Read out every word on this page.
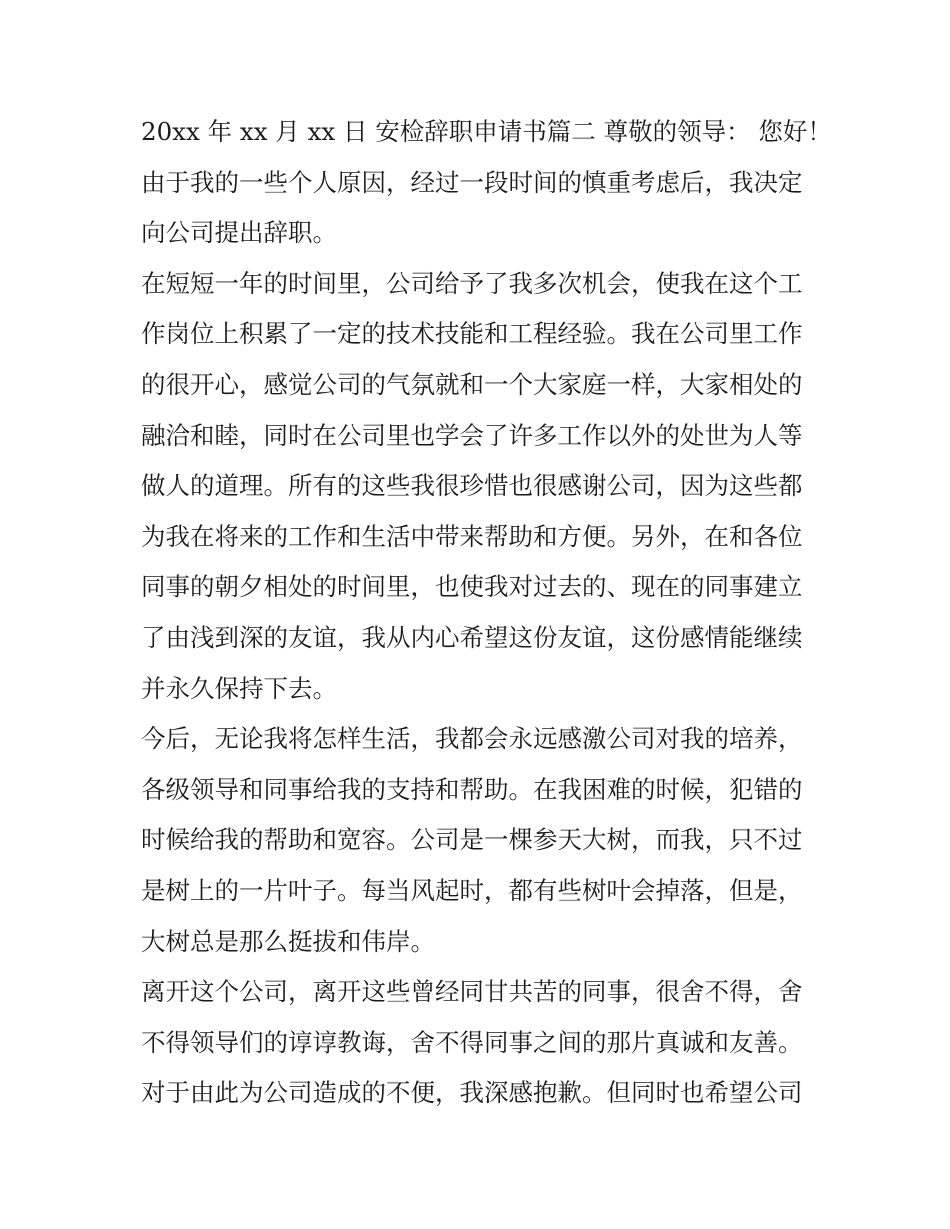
20xx 年 xx 月 xx 日 安检辞职申请书篇二 尊敬的领导： 您好！
由于我的一些个人原因，经过一段时间的慎重考虑后，我决定
向公司提出辞职。
在短短一年的时间里，公司给予了我多次机会，使我在这个工
作岗位上积累了一定的技术技能和工程经验。我在公司里工作
的很开心，感觉公司的气氛就和一个大家庭一样，大家相处的
融洽和睦，同时在公司里也学会了许多工作以外的处世为人等
做人的道理。所有的这些我很珍惜也很感谢公司，因为这些都
为我在将来的工作和生活中带来帮助和方便。另外，在和各位
同事的朝夕相处的时间里，也使我对过去的、现在的同事建立
了由浅到深的友谊，我从内心希望这份友谊，这份感情能继续
并永久保持下去。
今后，无论我将怎样生活，我都会永远感激公司对我的培养，
各级领导和同事给我的支持和帮助。在我困难的时候，犯错的
时候给我的帮助和宽容。公司是一棵参天大树，而我，只不过
是树上的一片叶子。每当风起时，都有些树叶会掉落，但是，
大树总是那么挺拔和伟岸。
离开这个公司，离开这些曾经同甘共苦的同事，很舍不得，舍
不得领导们的谆谆教诲，舍不得同事之间的那片真诚和友善。
对于由此为公司造成的不便，我深感抱歉。但同时也希望公司
